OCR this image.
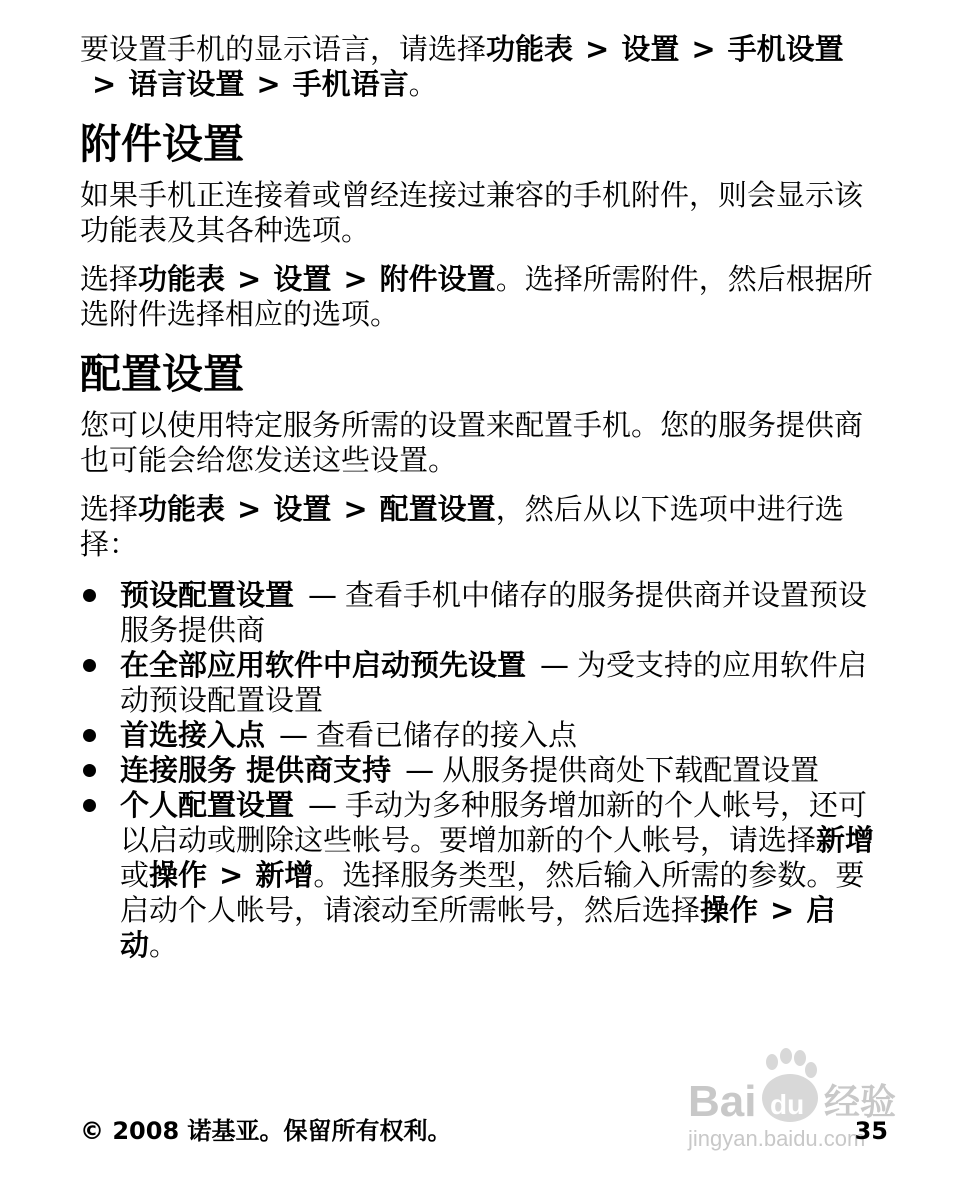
要设置手机的显示语言，请选择功能表 > 设置 > 手机设置> 语言设置 > 手机语言。

附件设置

如果手机正连接着或曾经连接过兼容的手机附件，则会显示该功能表及其各种选项。

选择功能表 > 设置 > 附件设置。选择所需附件，然后根据所选附件选择相应的选项。

配置设置

您可以使用特定服务所需的设置来配置手机。您的服务提供商也可能会给您发送这些设置。

选择功能表 > 设置 > 配置设置，然后从以下选项中进行选择：

预设配置设置 — 查看手机中储存的服务提供商并设置预设服务提供商
在全部应用软件中启动预先设置 — 为受支持的应用软件启动预设配置设置
首选接入点 — 查看已储存的接入点
连接服务 提供商支持 — 从服务提供商处下载配置设置
个人配置设置 — 手动为多种服务增加新的个人帐号，还可以启动或删除这些帐号。要增加新的个人帐号，请选择新增或操作 > 新增。选择服务类型，然后输入所需的参数。要启动个人帐号，请滚动至所需帐号，然后选择操作 > 启动。
Bai du 经验
jingyan.baidu.com
© 2008 诺基亚。保留所有权利。	35
